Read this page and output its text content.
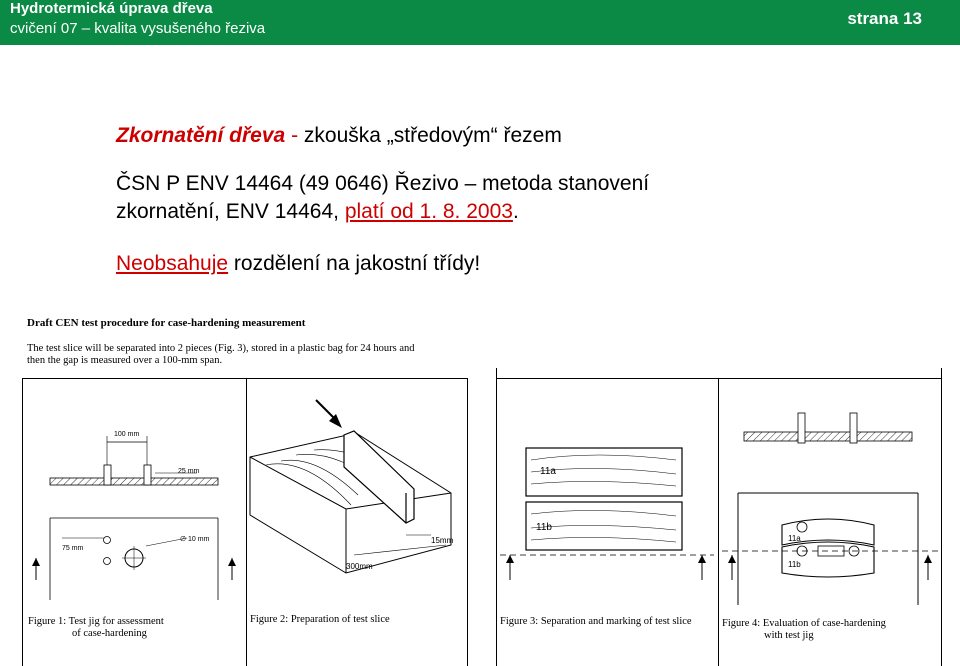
Hydrotermická úprava dřeva
cvičení 07 – kvalita vysušeného řeziva
strana 13
Zkornatění dřeva - zkouška „středovým“ řezem
ČSN P ENV 14464 (49 0646) Řezivo – metoda stanovení
zkornatění, ENV 14464, platí od 1. 8. 2003.
Neobsahuje rozdělení na jakostní třídy!
Draft CEN test procedure for case-hardening measurement
The test slice will be separated into 2 pieces (Fig. 3), stored in a plastic bag for 24 hours and
then the gap is measured over a 100-mm span.
100 mm
25 mm
75 mm
∅ 10 mm
300mm
15mm
11a
11b
11a
11b
Figure 1: Test jig for assessment
of case-hardening
Figure 2: Preparation of test slice	Figure 3: Separation and marking of test slice	Figure 4: Evaluation of case-hardening
with test jig
